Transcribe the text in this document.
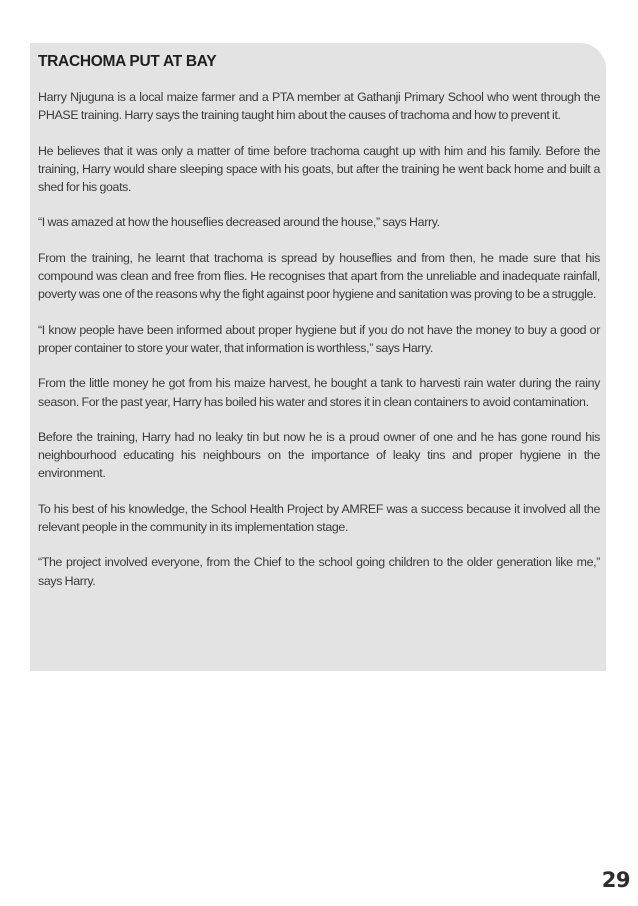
TRACHOMA PUT AT BAY

Harry Njuguna is a local maize farmer and a PTA member at Gathanji Primary School who went through the PHASE training. Harry says the training taught him about the causes of trachoma and how to prevent it.

He believes that it was only a matter of time before trachoma caught up with him and his family. Before the training, Harry would share sleeping space with his goats, but after the training he went back home and built a shed for his goats.

“I was amazed at how the houseflies decreased around the house,” says Harry.

From the training, he learnt that trachoma is spread by houseflies and from then, he made sure that his compound was clean and free from flies. He recognises that apart from the unreliable and inadequate rainfall, poverty was one of the reasons why the fight against poor hygiene and sanitation was proving to be a struggle.

“I know people have been informed about proper hygiene but if you do not have the money to buy a good or proper container to store your water, that information is worthless,” says Harry.

From the little money he got from his maize harvest, he bought a tank to harvesti rain water during the rainy season. For the past year, Harry has boiled his water and stores it in clean containers to avoid contamination.

Before the training, Harry had no leaky tin but now he is a proud owner of one and he has gone round his neighbourhood educating his neighbours on the importance of leaky tins and proper hygiene in the environment.

To his best of his knowledge, the School Health Project by AMREF was a success because it involved all the relevant people in the community in its implementation stage.

“The project involved everyone, from the Chief to the school going children to the older generation like me,” says Harry.

29
